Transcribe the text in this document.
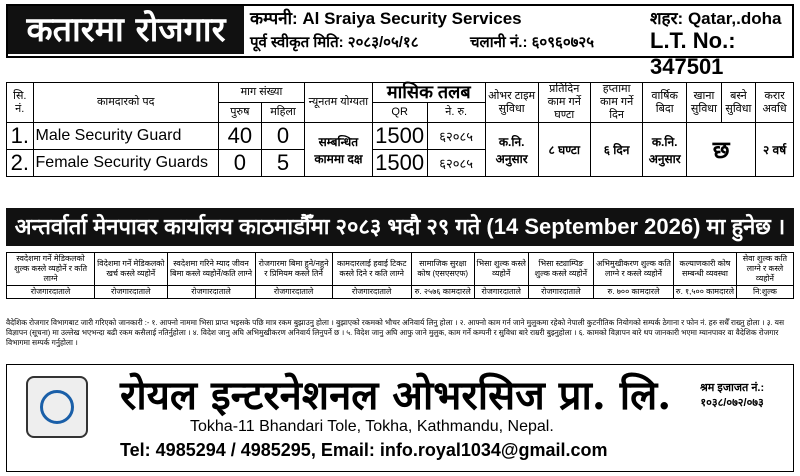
कतारमा रोजगार	कम्पनी: Al Sraiya Security Services	शहर: Qatar,.doha
पूर्व स्वीकृत मिति: २०८३/०५/१८	चलानी नं.: ६०९६०७२५	L.T. No.: 347501
सि. नं.	कामदारको पद	माग संख्या		न्यूनतम योग्यता	मासिक तलब		ओभर टाइम सुविधा	प्रतिदिन काम गर्ने घण्टा	हप्तामा काम गर्ने दिन	वार्षिक बिदा	खाना सुविधा	बस्ने सुविधा	करार अवधि
		पुरुष	महिला		QR	ने. रु.							
1.	Male Security Guard	40	0	सम्बन्धित काममा दक्ष	1500	६२०८५	क.नि. अनुसार	८ घण्टा	६ दिन	क.नि. अनुसार	छ		२ वर्ष
2.	Female Security Guards	0	5		1500	६२०८५							
अन्तर्वार्ता मेनपावर कार्यालय काठमाडौँमा २०८३ भदौ २९ गते (14 September 2026) मा हुनेछ ।
स्वदेशमा गर्ने मेडिकलको शुल्क कस्ले व्यहोर्ने र कति लाग्ने	विदेशमा गर्ने मेडिकलको खर्च कस्ले व्यहोर्ने	स्वदेशमा गरिने म्याद जीवन बिमा कस्ले व्यहोर्ने/कति लाग्ने	रोजगारमा बिमा हुने/नहुने र प्रिमियम कस्ले तिर्ने	कामदारलाई हवाई टिकट कस्ले दिने र कति लाग्ने	सामाजिक सुरक्षा कोष (एसएसएफ)	भिसा शुल्क कस्ले व्यहोर्ने	भिसा स्ट्याम्पिङ शुल्क कस्ले व्यहोर्ने	अभिमुखीकरण शुल्क कति लाग्ने र कस्ले व्यहोर्ने	कल्याणकारी कोष सम्बन्धी व्यवस्था	सेवा शुल्क कति लाग्ने र कस्ले व्यहोर्ने
रोजगारदाताले	रोजगारदाताले	रोजगारदाताले	रोजगारदाताले	रोजगारदाताले	रु. २५७६ कामदारले	रोजगारदाताले	रोजगारदाताले	रु. ७०० कामदारले	रु. १,५०० कामदारले	नि:शुल्क
वैदेशिक रोजगार विभागबाट जारी गरिएको जानकारी :- १. आफ्नो नाममा भिसा प्राप्त भइसके पछि मात्र रकम बुझाउनु होला । बुझाएको रकमको भौचर अनिवार्य लिनु होला । २. आफ्नो काम गर्न जाने मुलुकमा रहेको नेपाली कुटनीतिक नियोगको सम्पर्क ठेगाना र फोन नं. हरु सधैँ राख्नु होला । ३. यस विज्ञापन (सूचना) मा उल्लेख भएभन्दा बढी रकम कसैलाई नतिर्नुहोला । ४. विदेश जानु अघि अभिमुखीकरण अनिवार्य लिनुपर्ने छ । ५. विदेश जानु अघि आफु जाने मुलुक, काम गर्ने कम्पनी र सुविधा बारे राम्ररी बुझ्नुहोला । ६. कामको विज्ञापन बारे थप जानकारी भएमा म्यानपावर वा वैदेशिक रोजगार विभागमा सम्पर्क गर्नुहोला ।
रोयल इन्टरनेशनल ओभरसिज प्रा. लि.	श्रम इजाजत नं.:
१०३८/०७२/०७३
Tokha-11 Bhandari Tole, Tokha, Kathmandu, Nepal.
Tel: 4985294 / 4985295, Email: info.royal1034@gmail.com
